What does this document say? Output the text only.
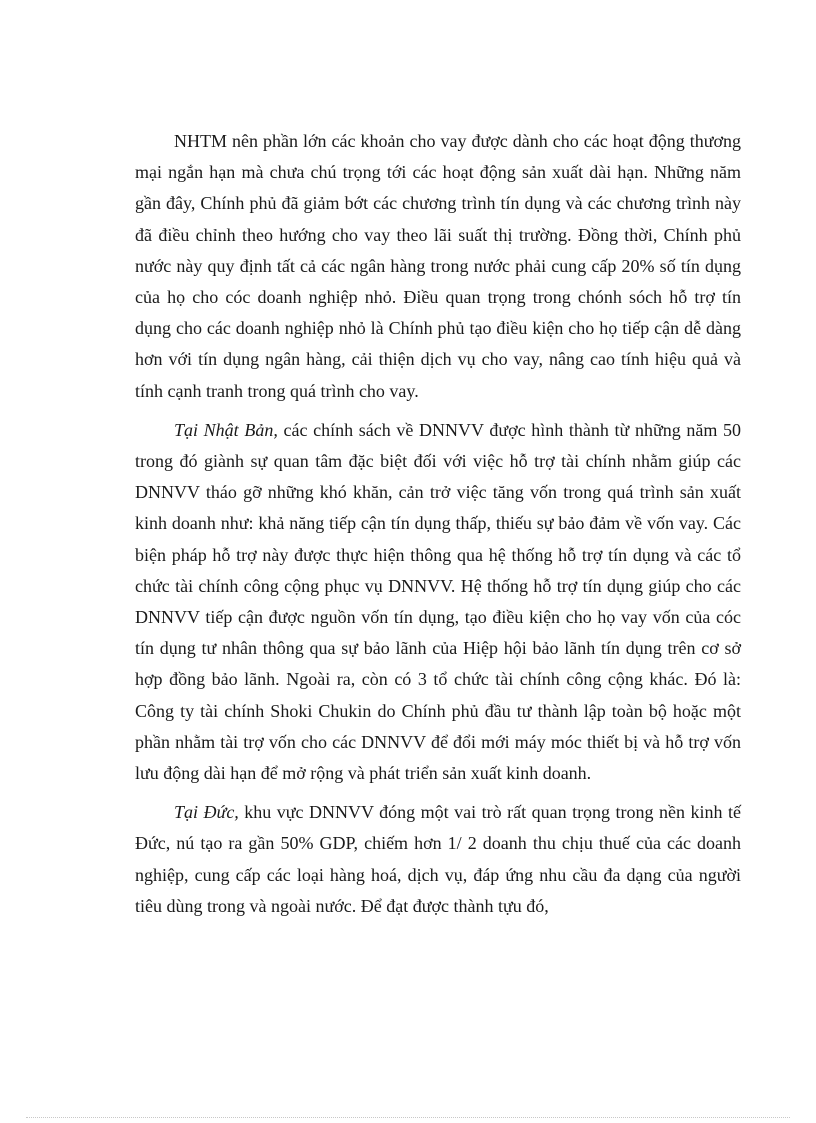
NHTM nên phần lớn các khoản cho vay được dành cho các hoạt động thương mại ngắn hạn mà chưa chú trọng tới các hoạt động sản xuất dài hạn. Những năm gần đây, Chính phủ đã giảm bớt các chương trình tín dụng và các chương trình này đã điều chỉnh theo hướng cho vay theo lãi suất thị trường. Đồng thời, Chính phủ nước này quy định tất cả các ngân hàng trong nước phải cung cấp 20% số tín dụng của họ cho cóc doanh nghiệp nhỏ. Điều quan trọng trong chónh sóch hỗ trợ tín dụng cho các doanh nghiệp nhỏ là Chính phủ tạo điều kiện cho họ tiếp cận dễ dàng hơn với tín dụng ngân hàng, cải thiện dịch vụ cho vay, nâng cao tính hiệu quả và tính cạnh tranh trong quá trình cho vay.

Tại Nhật Bản, các chính sách về DNNVV được hình thành từ những năm 50 trong đó giành sự quan tâm đặc biệt đối với việc hỗ trợ tài chính nhằm giúp các DNNVV tháo gỡ những khó khăn, cản trở việc tăng vốn trong quá trình sản xuất kinh doanh như: khả năng tiếp cận tín dụng thấp, thiếu sự bảo đảm về vốn vay. Các biện pháp hỗ trợ này được thực hiện thông qua hệ thống hỗ trợ tín dụng và các tổ chức tài chính công cộng phục vụ DNNVV. Hệ thống hỗ trợ tín dụng giúp cho các DNNVV tiếp cận được nguồn vốn tín dụng, tạo điều kiện cho họ vay vốn của cóc tín dụng tư nhân thông qua sự bảo lãnh của Hiệp hội bảo lãnh tín dụng trên cơ sở hợp đồng bảo lãnh. Ngoài ra, còn có 3 tổ chức tài chính công cộng khác. Đó là: Công ty tài chính Shoki Chukin do Chính phủ đầu tư thành lập toàn bộ hoặc một phần nhằm tài trợ vốn cho các DNNVV để đổi mới máy móc thiết bị và hỗ trợ vốn lưu động dài hạn để mở rộng và phát triển sản xuất kinh doanh.

Tại Đức, khu vực DNNVV đóng một vai trò rất quan trọng trong nền kinh tế Đức, nú tạo ra gần 50% GDP, chiếm hơn 1/ 2 doanh thu chịu thuế của các doanh nghiệp, cung cấp các loại hàng hoá, dịch vụ, đáp ứng nhu cầu đa dạng của người tiêu dùng trong và ngoài nước. Để đạt được thành tựu đó,
